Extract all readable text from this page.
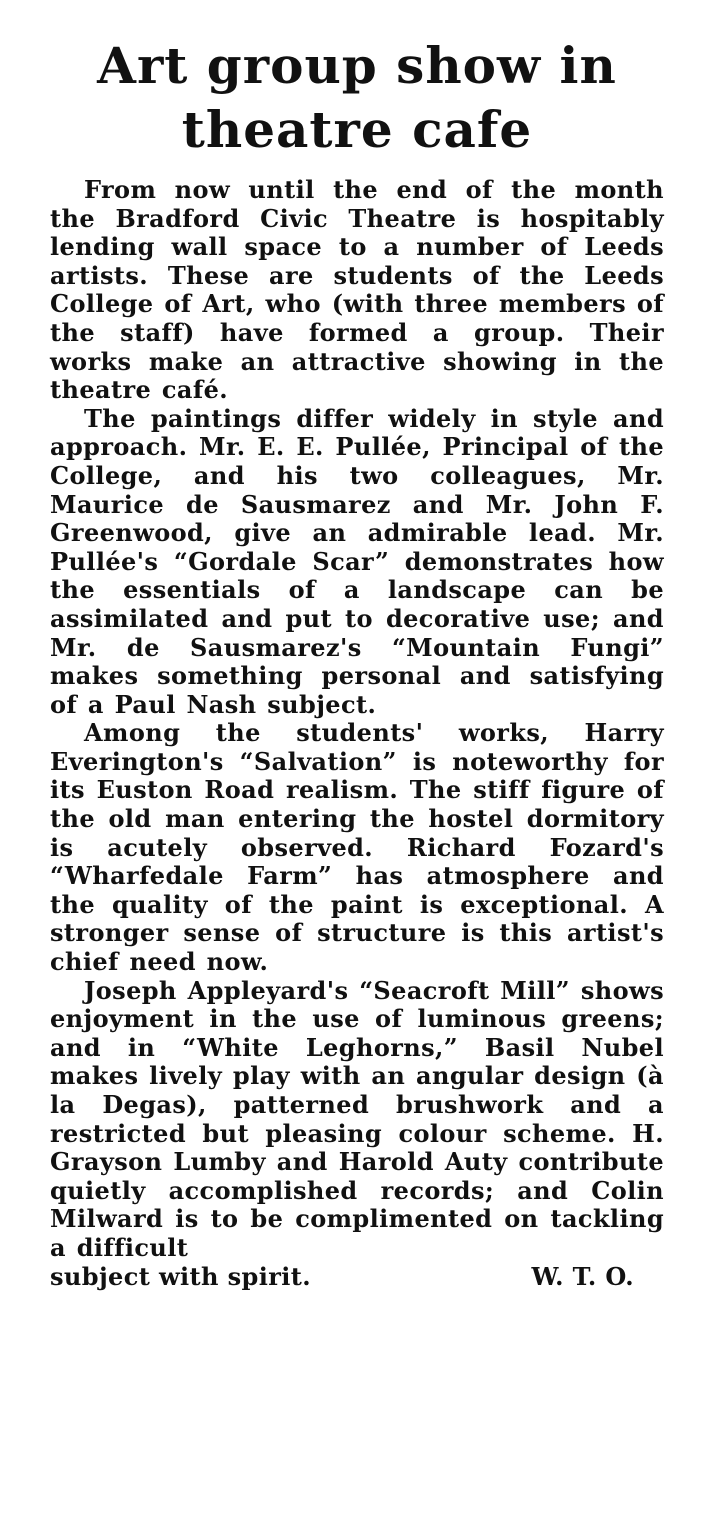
Art group show in
theatre cafe

From now until the end of the month the Bradford Civic Theatre is hospitably lending wall space to a number of Leeds artists. These are students of the Leeds College of Art, who (with three members of the staff) have formed a group. Their works make an attractive showing in the theatre café.

The paintings differ widely in style and approach. Mr. E. E. Pullée, Principal of the College, and his two colleagues, Mr. Maurice de Sausmarez and Mr. John F. Greenwood, give an admirable lead. Mr. Pullée's “Gordale Scar” demonstrates how the essentials of a landscape can be assimilated and put to decorative use; and Mr. de Sausmarez's “Mountain Fungi” makes something personal and satisfying of a Paul Nash subject.

Among the students' works, Harry Everington's “Salvation” is noteworthy for its Euston Road realism. The stiff figure of the old man entering the hostel dormitory is acutely observed. Richard Fozard's “Wharfedale Farm” has atmosphere and the quality of the paint is exceptional. A stronger sense of structure is this artist's chief need now.

Joseph Appleyard's “Seacroft Mill” shows enjoyment in the use of luminous greens; and in “White Leghorns,” Basil Nubel makes lively play with an angular design (à la Degas), patterned brushwork and a restricted but pleasing colour scheme. H. Grayson Lumby and Harold Auty contribute quietly accomplished records; and Colin Milward is to be complimented on tackling a difficult

subject with spirit.	W. T. O.
